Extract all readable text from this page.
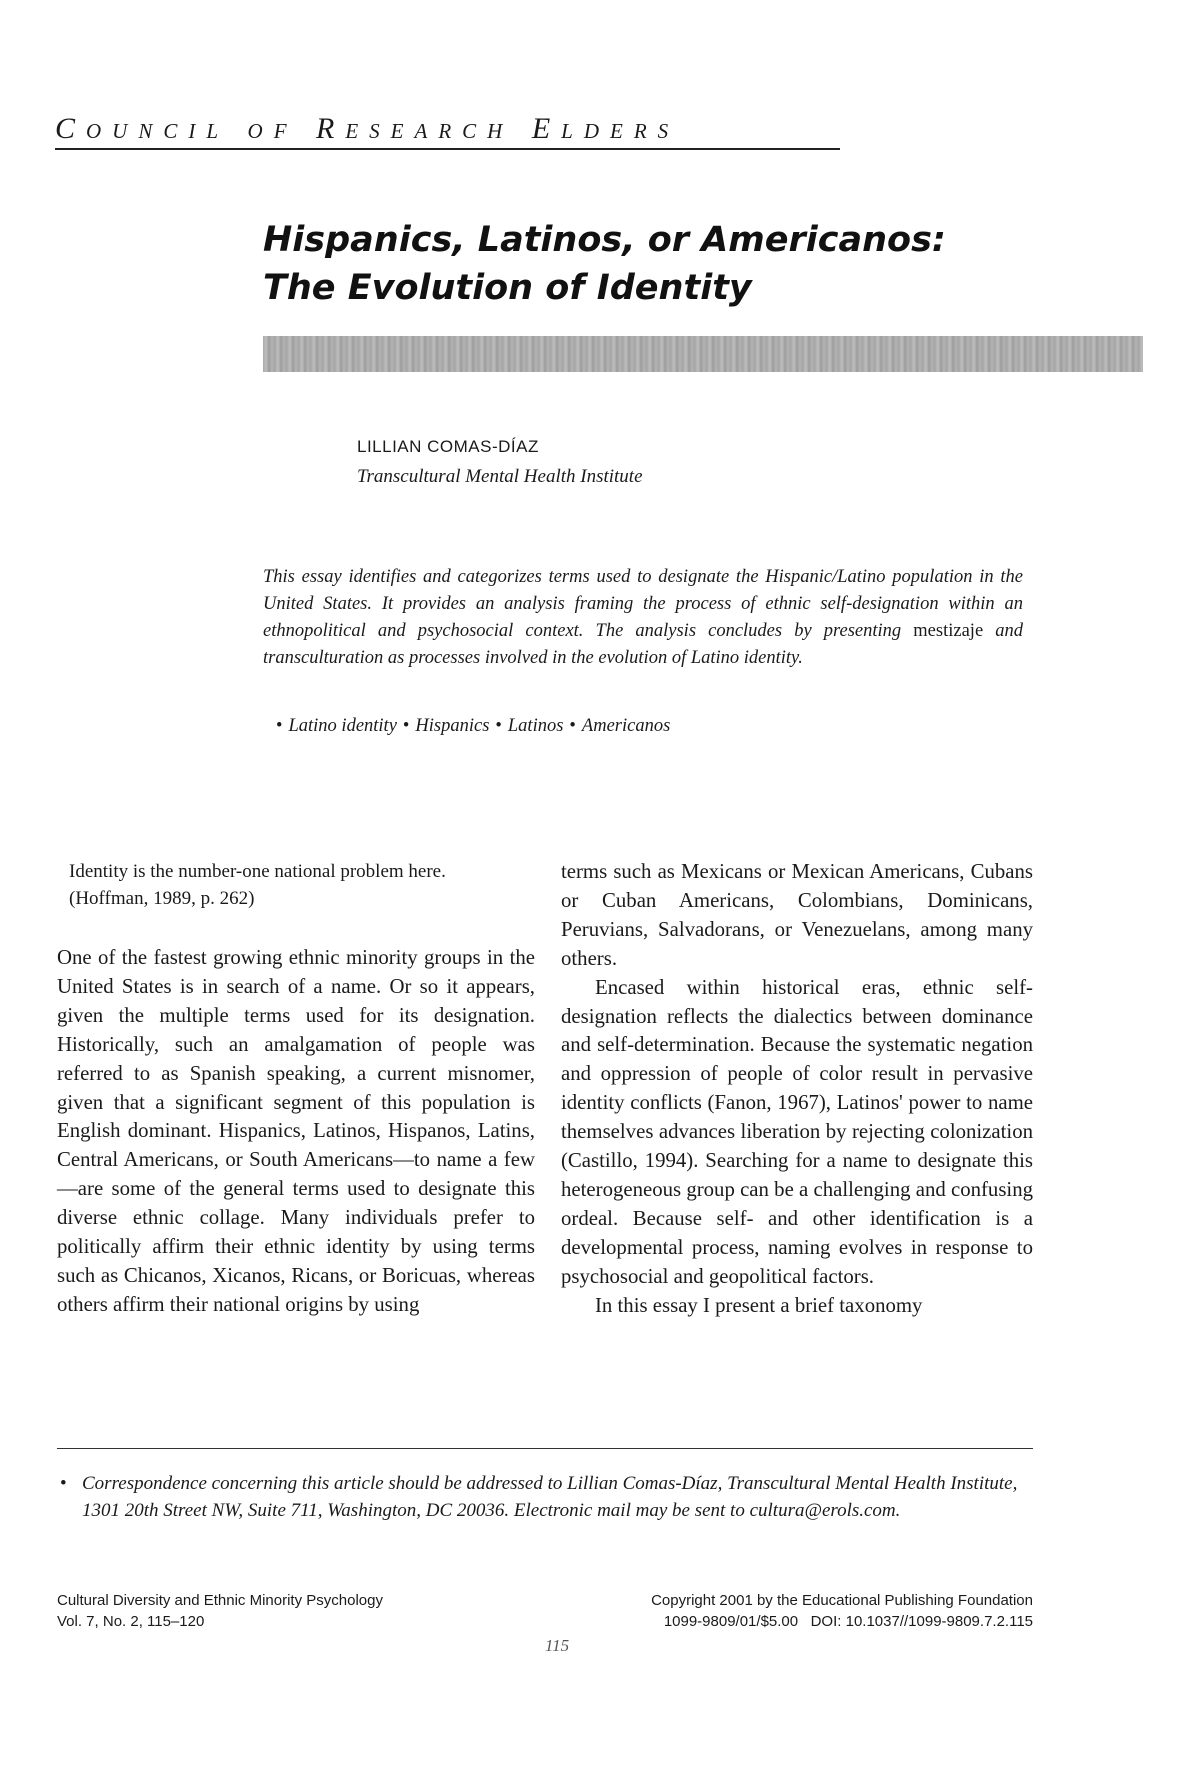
Council of Research Elders
Hispanics, Latinos, or Americanos:
The Evolution of Identity
LILLIAN COMAS-DÍAZ
Transcultural Mental Health Institute
This essay identifies and categorizes terms used to designate the Hispanic/Latino population in the United States. It provides an analysis framing the process of ethnic self-designation within an ethnopolitical and psychosocial context. The analysis concludes by presenting mestizaje and transculturation as processes involved in the evolution of Latino identity.
• Latino identity • Hispanics • Latinos • Americanos
Identity is the number-one national problem here.
(Hoffman, 1989, p. 262)

One of the fastest growing ethnic minority groups in the United States is in search of a name. Or so it appears, given the multiple terms used for its designation. Historically, such an amalgamation of people was referred to as Spanish speaking, a current misnomer, given that a significant segment of this population is English dominant. Hispanics, Latinos, Hispanos, Latins, Central Americans, or South Americans—to name a few—are some of the general terms used to designate this diverse ethnic collage. Many individuals prefer to politically affirm their ethnic identity by using terms such as Chicanos, Xicanos, Ricans, or Boricuas, whereas others affirm their national origins by using

terms such as Mexicans or Mexican Americans, Cubans or Cuban Americans, Colombians, Dominicans, Peruvians, Salvadorans, or Venezuelans, among many others.

Encased within historical eras, ethnic self-designation reflects the dialectics between dominance and self-determination. Because the systematic negation and oppression of people of color result in pervasive identity conflicts (Fanon, 1967), Latinos' power to name themselves advances liberation by rejecting colonization (Castillo, 1994). Searching for a name to designate this heterogeneous group can be a challenging and confusing ordeal. Because self- and other identification is a developmental process, naming evolves in response to psychosocial and geopolitical factors.

In this essay I present a brief taxonomy

• Correspondence concerning this article should be addressed to Lillian Comas-Díaz, Transcultural Mental Health Institute, 1301 20th Street NW, Suite 711, Washington, DC 20036. Electronic mail may be sent to cultura@erols.com.
Cultural Diversity and Ethnic Minority Psychology
Vol. 7, No. 2, 115–120
Copyright 2001 by the Educational Publishing Foundation
1099-9809/01/$5.00   DOI: 10.1037//1099-9809.7.2.115
115
